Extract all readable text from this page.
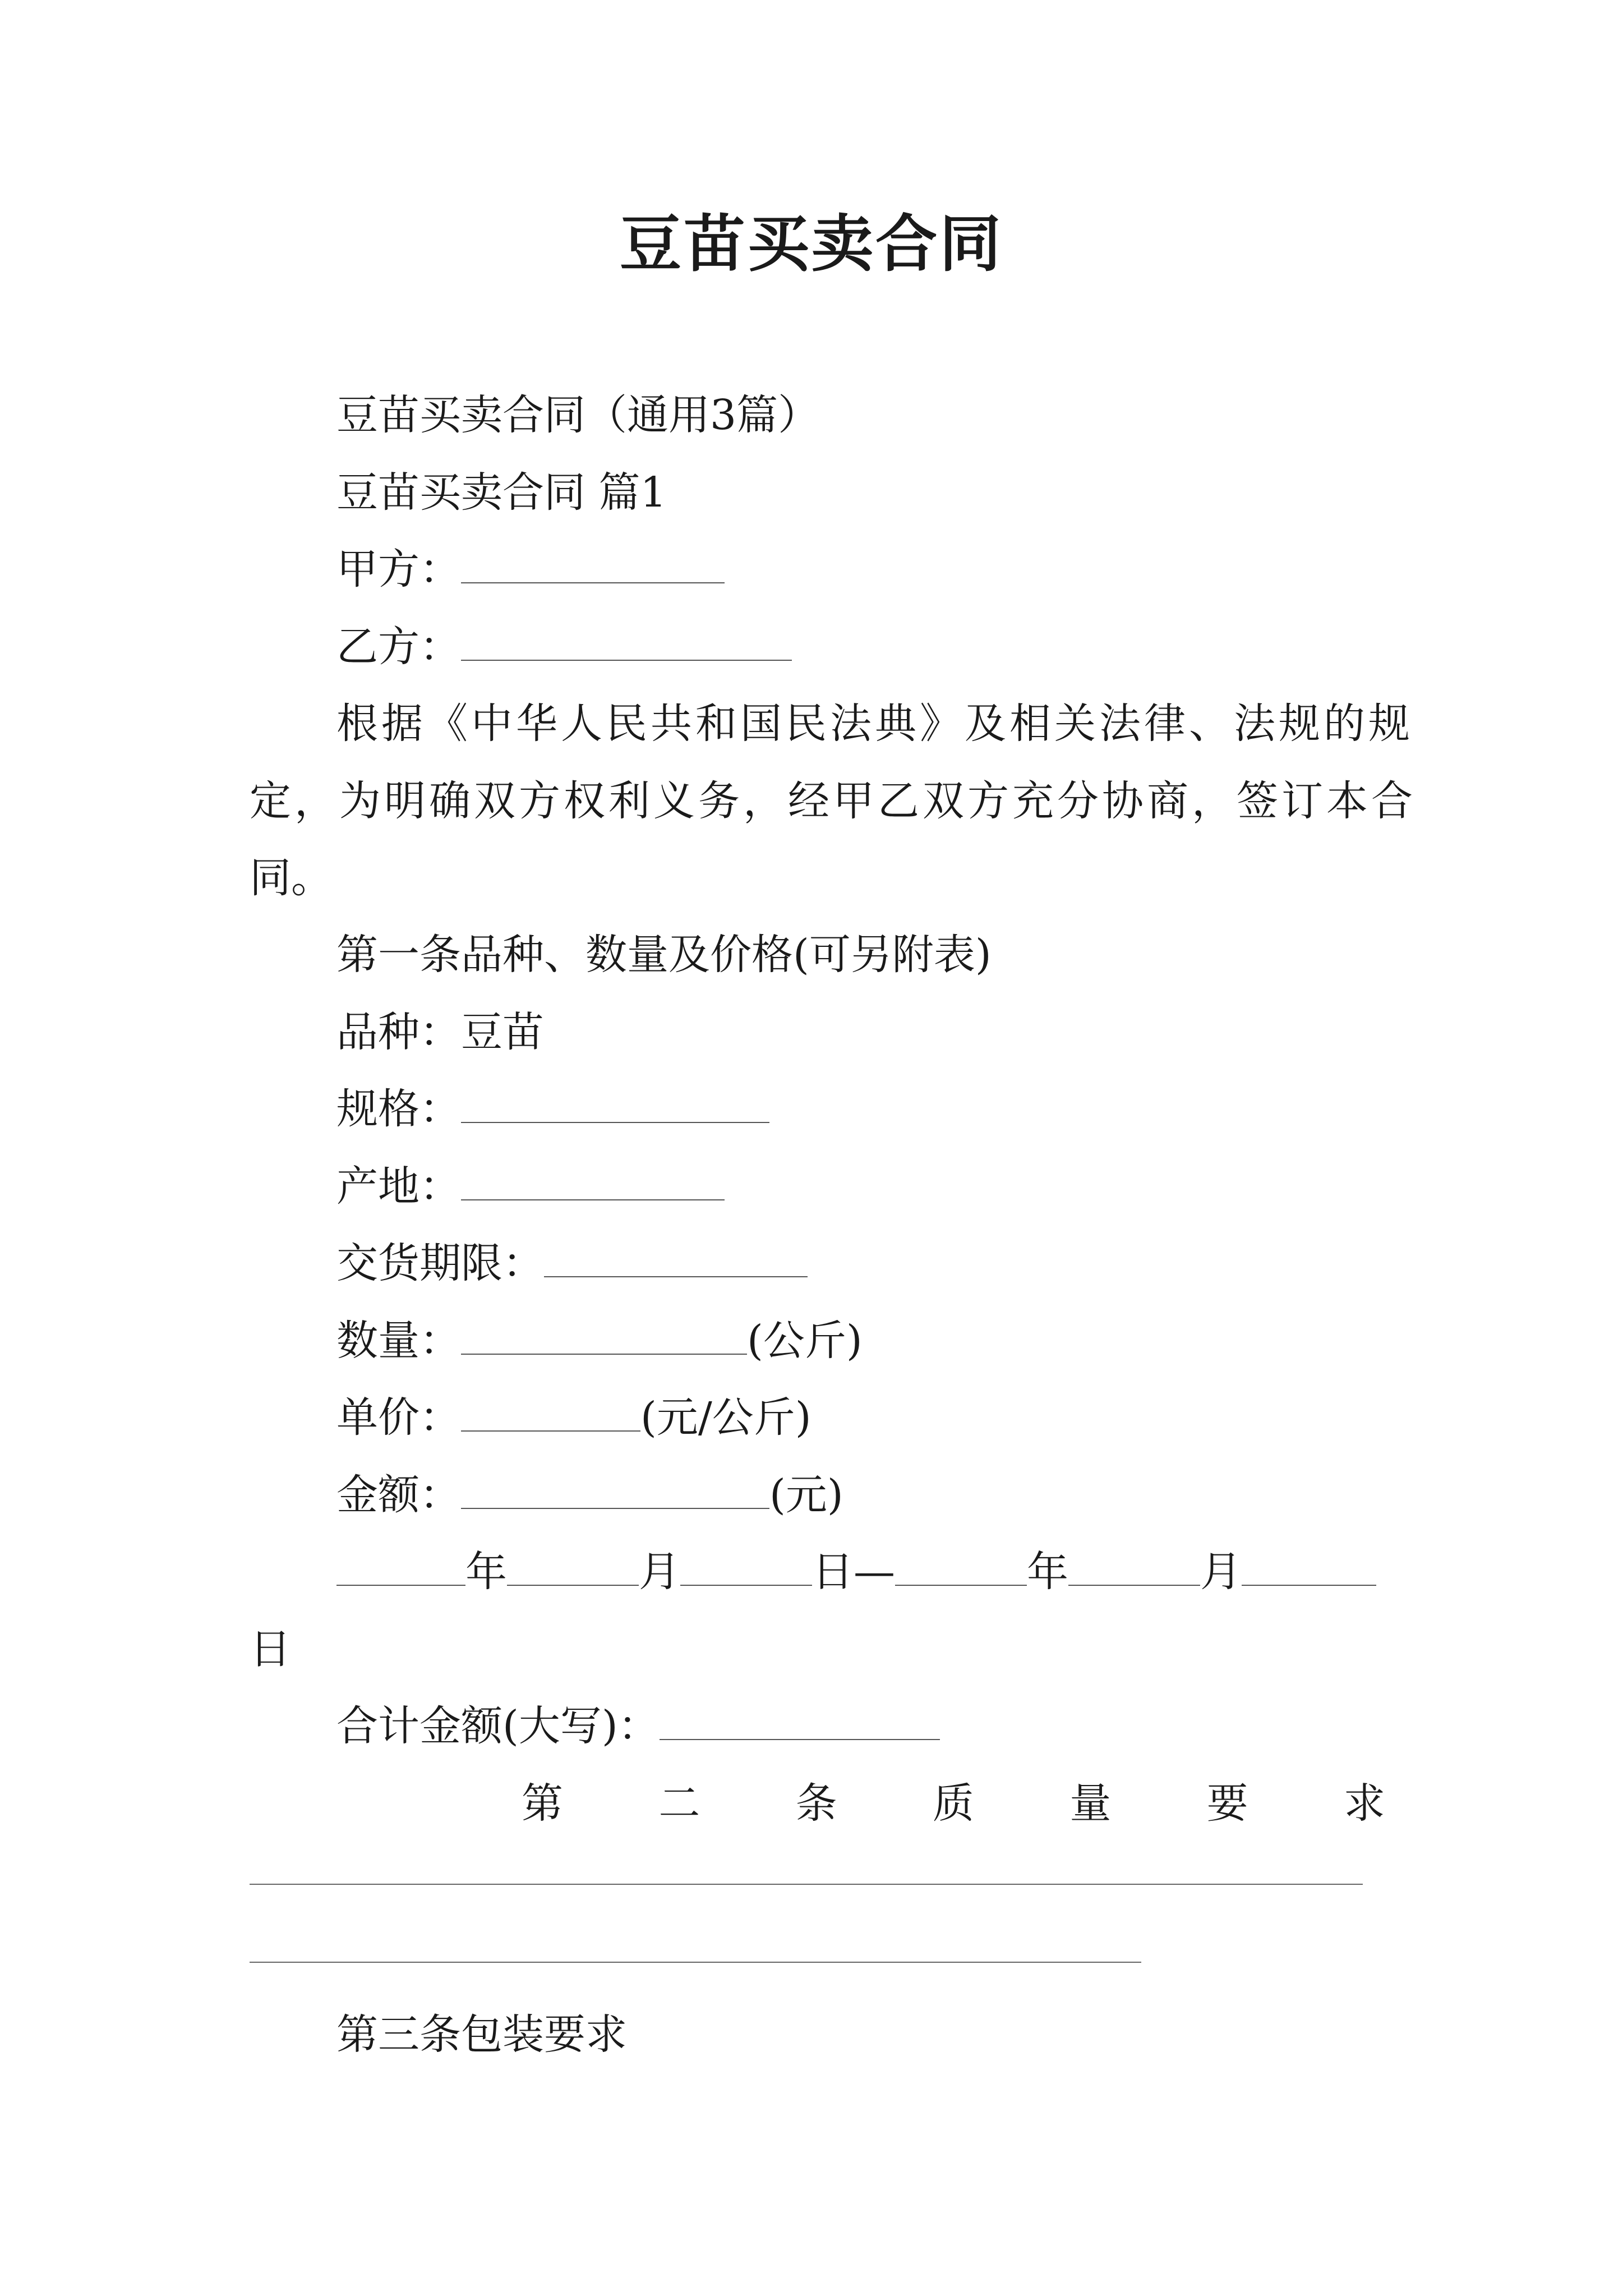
豆苗买卖合同
豆苗买卖合同（通用3篇）
豆苗买卖合同 篇1
甲方：
乙方：
根据《中华人民共和国民法典》及相关法律、法规的规
定，为明确双方权利义务，经甲乙双方充分协商，签订本合
同。
第一条品种、数量及价格(可另附表)
品种：豆苗
规格：
产地：
交货期限：
数量：	(公斤)
单价：	(元/公斤)
金额：	(元)
年	月	日—	年	月
日
合计金额(大写)：
第 二 条 质 量 要 求
第三条包装要求
